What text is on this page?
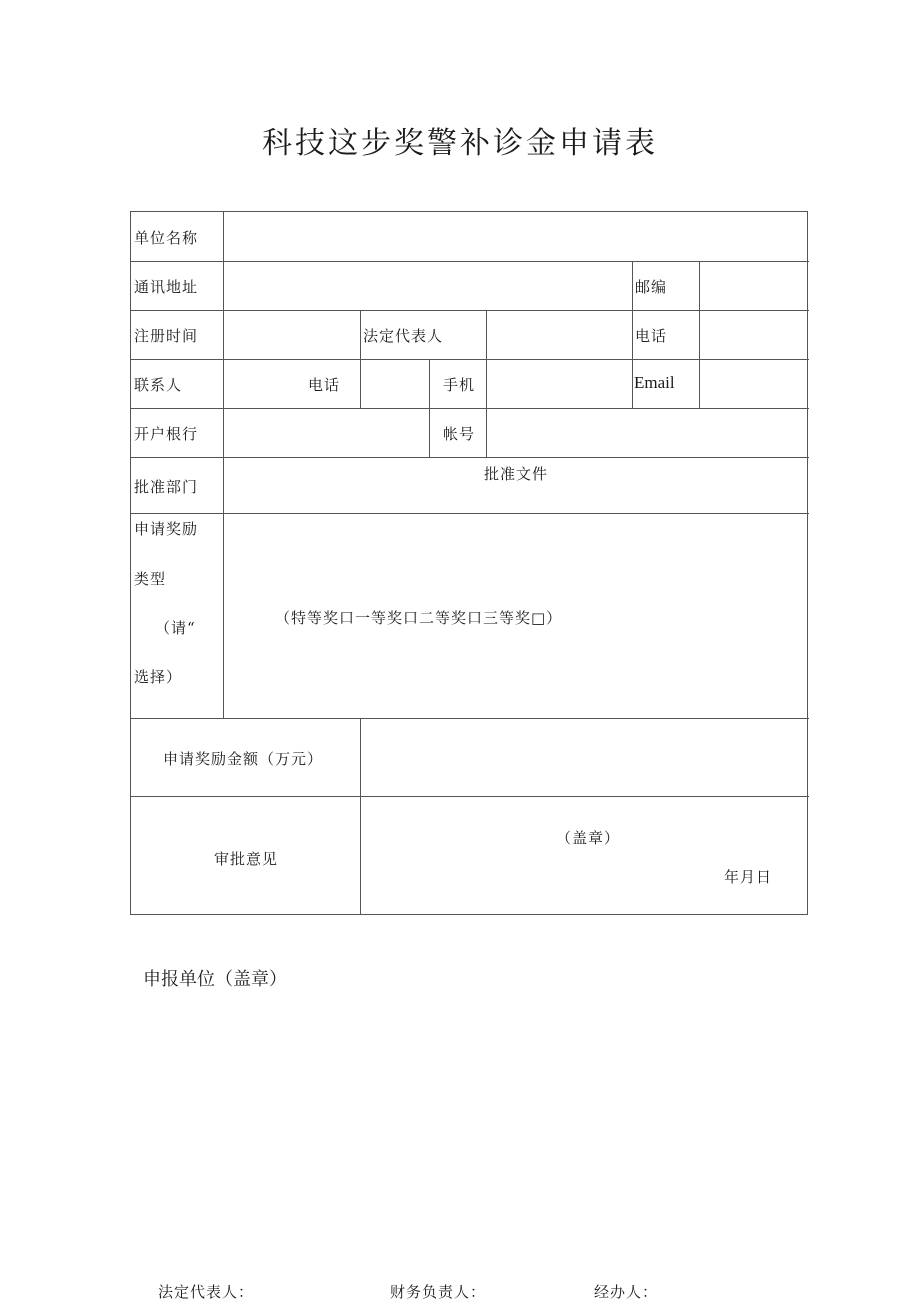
科技这步奖警补诊金申请表
单位名称
通讯地址	邮编
注册时间	法定代表人	电话
联系人	电话	手机	Email
开户根行	帐号
批准部门
批准文件
申请奖励
类型
（请“
选择）
（特等奖口一等奖口二等奖口三等奖□）
申请奖励金额（万元）
审批意见
（盖章）
年月日
申报单位（盖章）
法定代表人：	财务负责人：	经办人：
